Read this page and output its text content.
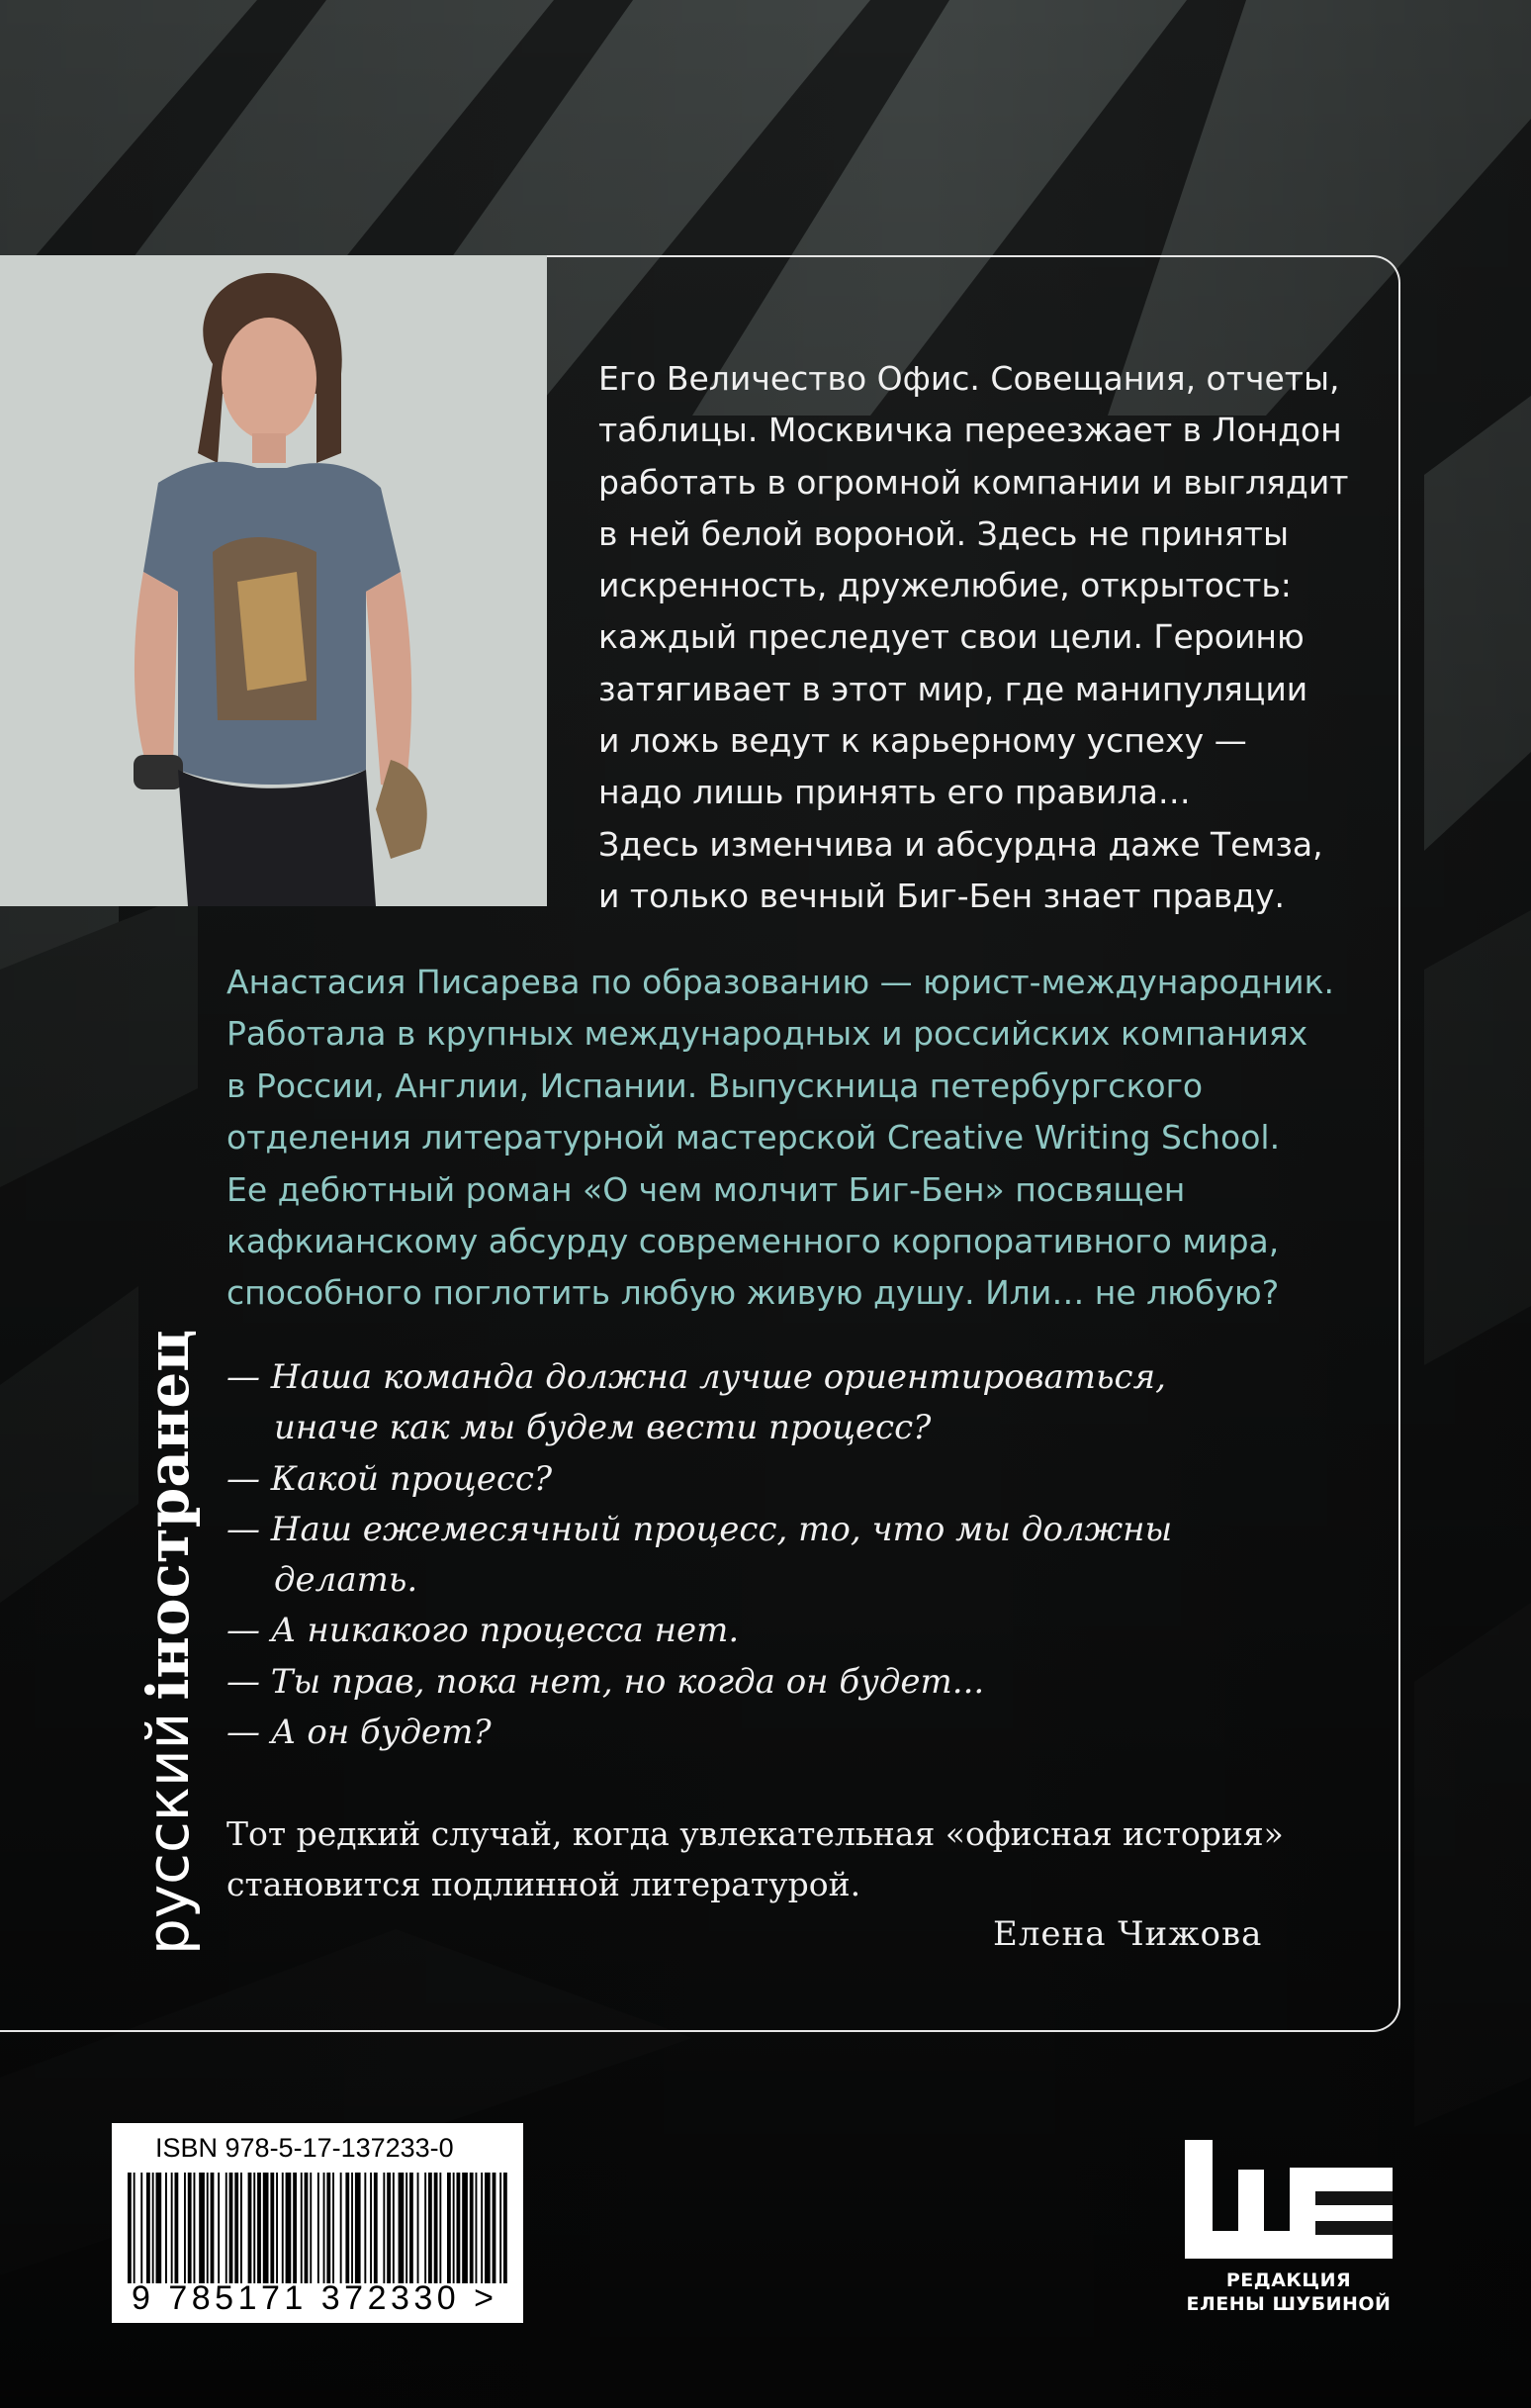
Его Величество Офис. Совещания, отчеты,
таблицы. Москвичка переезжает в Лондон
работать в огромной компании и выглядит
в ней белой вороной. Здесь не приняты
искренность, дружелюбие, открытость:
каждый преследует свои цели. Героиню
затягивает в этот мир, где манипуляции
и ложь ведут к карьерному успеху —
надо лишь принять его правила…
Здесь изменчива и абсурдна даже Темза,
и только вечный Биг-Бен знает правду.
Анастасия Писарева по образованию — юрист-международник.
Работала в крупных международных и российских компаниях
в России, Англии, Испании. Выпускница петербургского
отделения литературной мастерской Creative Writing School.
Ее дебютный роман «О чем молчит Биг-Бен» посвящен
кафкианскому абсурду современного корпоративного мира,
способного поглотить любую живую душу. Или… не любую?
— Наша команда должна лучше ориентироваться,
иначе как мы будем вести процесс?
— Какой процесс?
— Наш ежемесячный процесс, то, что мы должны
делать.
— А никакого процесса нет.
— Ты прав, пока нет, но когда он будет...
— А он будет?
Тот редкий случай, когда увлекательная «офисная история»
становится подлинной литературой.
Елена Чижова
русскийіностранец
ISBN 978-5-17-137233-0
9 785171 372330 >	РЕДАКЦИЯ
ЕЛЕНЫ ШУБИНОЙ
